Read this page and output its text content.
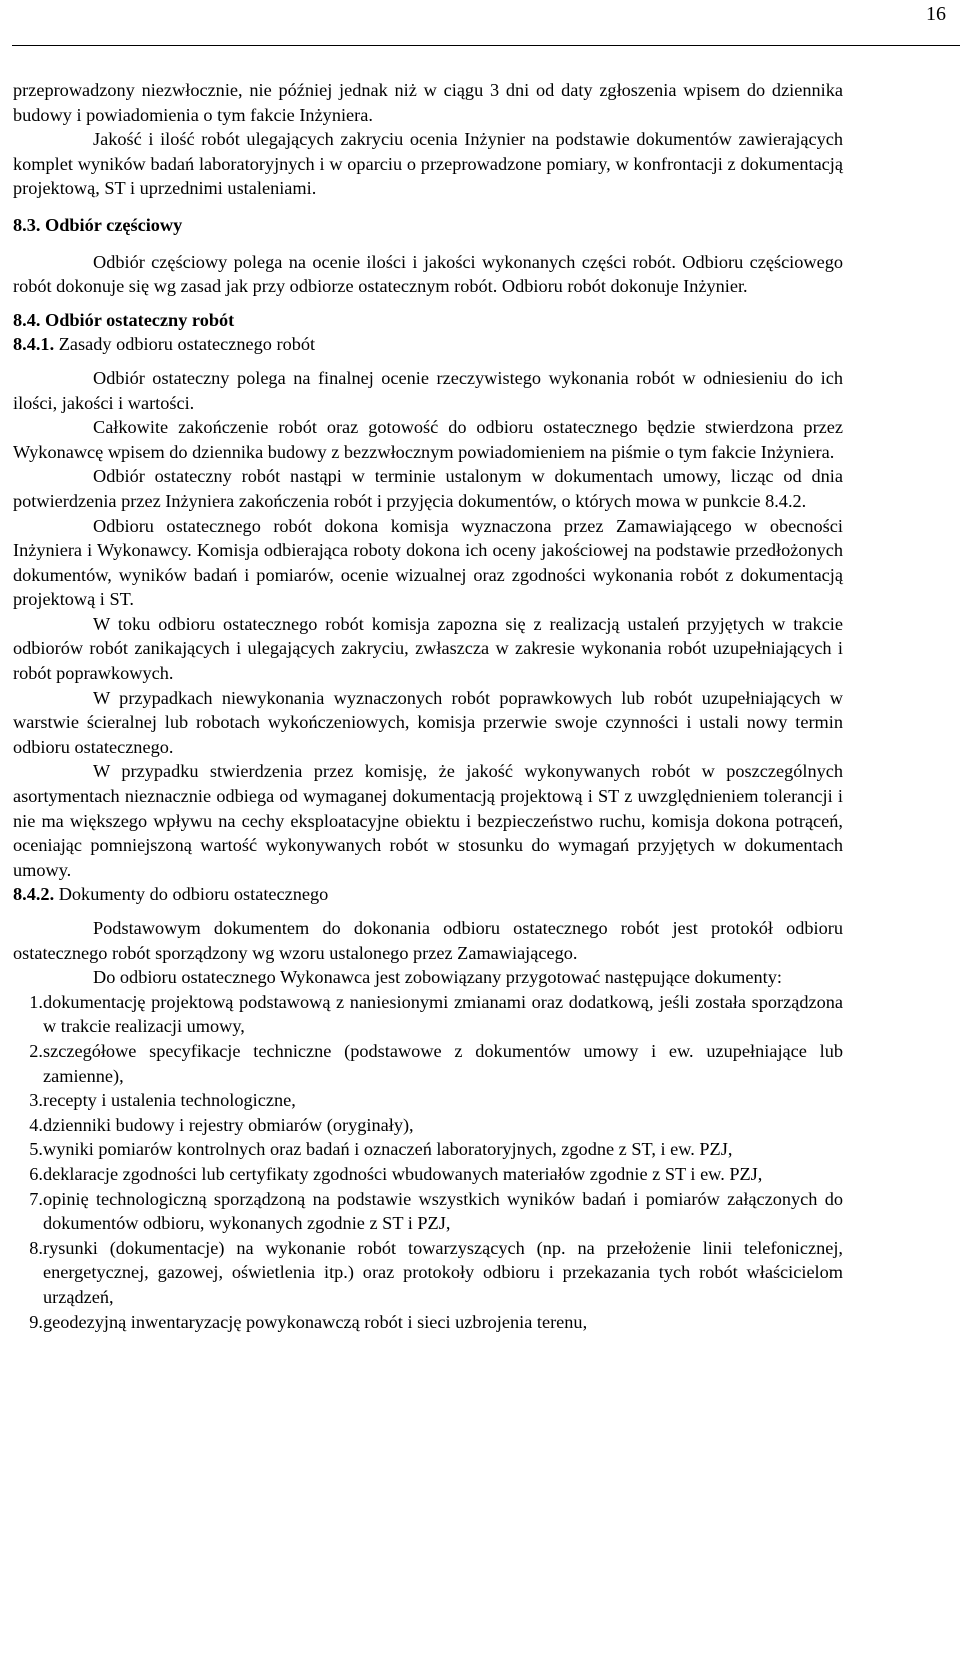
16

przeprowadzony niezwłocznie, nie później jednak niż w ciągu 3 dni od daty zgłoszenia wpisem do dziennika budowy i powiadomienia o tym fakcie Inżyniera.

Jakość i ilość robót ulegających zakryciu ocenia Inżynier na podstawie dokumentów zawierających komplet wyników badań laboratoryjnych i w oparciu o przeprowadzone pomiary, w konfrontacji z dokumentacją projektową, ST i uprzednimi ustaleniami.

8.3. Odbiór częściowy

Odbiór częściowy polega na ocenie ilości i jakości wykonanych części robót. Odbioru częściowego robót dokonuje się wg zasad jak przy odbiorze ostatecznym robót. Odbioru robót dokonuje Inżynier.

8.4. Odbiór ostateczny robót
8.4.1. Zasady odbioru ostatecznego robót

Odbiór ostateczny polega na finalnej ocenie rzeczywistego wykonania robót w odniesieniu do ich ilości, jakości i wartości.

Całkowite zakończenie robót oraz gotowość do odbioru ostatecznego będzie stwierdzona przez Wykonawcę wpisem do dziennika budowy z bezzwłocznym powiadomieniem na piśmie o tym fakcie Inżyniera.

Odbiór ostateczny robót nastąpi w terminie ustalonym w dokumentach umowy, licząc od dnia potwierdzenia przez Inżyniera zakończenia robót i przyjęcia dokumentów, o których mowa w punkcie 8.4.2.

Odbioru ostatecznego robót dokona komisja wyznaczona przez Zamawiającego w obecności Inżyniera i Wykonawcy. Komisja odbierająca roboty dokona ich oceny jakościowej na podstawie przedłożonych dokumentów, wyników badań i pomiarów, ocenie wizualnej oraz zgodności wykonania robót z dokumentacją projektową i ST.

W toku odbioru ostatecznego robót komisja zapozna się z realizacją ustaleń przyjętych w trakcie odbiorów robót zanikających i ulegających zakryciu, zwłaszcza w zakresie wykonania robót uzupełniających i robót poprawkowych.

W przypadkach niewykonania wyznaczonych robót poprawkowych lub robót uzupełniających w warstwie ścieralnej lub robotach wykończeniowych, komisja przerwie swoje czynności i ustali nowy termin odbioru ostatecznego.

W przypadku stwierdzenia przez komisję, że jakość wykonywanych robót w poszczególnych asortymentach nieznacznie odbiega od wymaganej dokumentacją projektową i ST z uwzględnieniem tolerancji i nie ma większego wpływu na cechy eksploatacyjne obiektu i bezpieczeństwo ruchu, komisja dokona potrąceń, oceniając pomniejszoną wartość wykonywanych robót w stosunku do wymagań przyjętych w dokumentach umowy.

8.4.2. Dokumenty do odbioru ostatecznego

Podstawowym dokumentem do dokonania odbioru ostatecznego robót jest protokół odbioru ostatecznego robót sporządzony wg wzoru ustalonego przez Zamawiającego.

Do odbioru ostatecznego Wykonawca jest zobowiązany przygotować następujące dokumenty:

1. dokumentację projektową podstawową z naniesionymi zmianami oraz dodatkową, jeśli została sporządzona w trakcie realizacji umowy,
2. szczegółowe specyfikacje techniczne (podstawowe z dokumentów umowy i ew. uzupełniające lub zamienne),
3. recepty i ustalenia technologiczne,
4. dzienniki budowy i rejestry obmiarów (oryginały),
5. wyniki pomiarów kontrolnych oraz badań i oznaczeń laboratoryjnych, zgodne z ST, i ew. PZJ,
6. deklaracje zgodności lub certyfikaty zgodności wbudowanych materiałów zgodnie z ST i ew. PZJ,
7. opinię technologiczną sporządzoną na podstawie wszystkich wyników badań i pomiarów załączonych do dokumentów odbioru, wykonanych zgodnie z ST i PZJ,
8. rysunki (dokumentacje) na wykonanie robót towarzyszących (np. na przełożenie linii telefonicznej, energetycznej, gazowej, oświetlenia itp.) oraz protokoły odbioru i przekazania tych robót właścicielom urządzeń,
9. geodezyjną inwentaryzację powykonawczą robót i sieci uzbrojenia terenu,
